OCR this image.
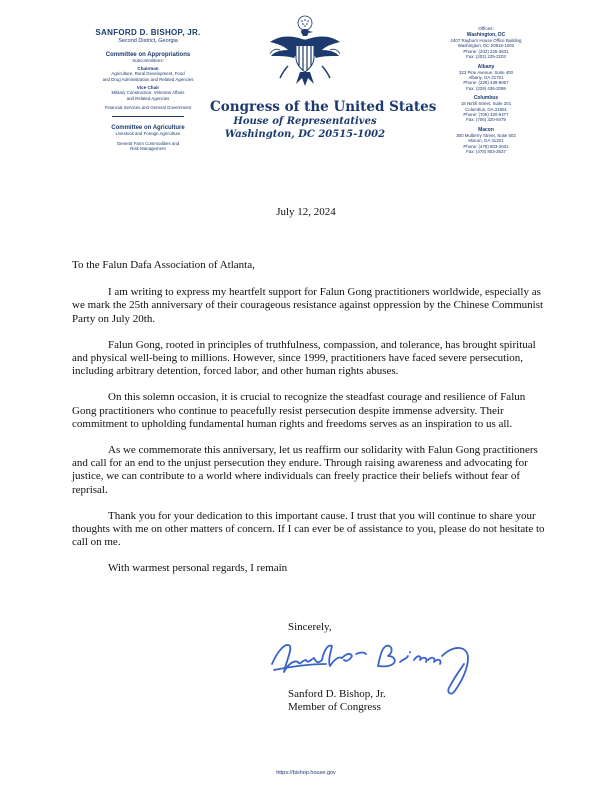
SANFORD D. BISHOP, JR.
Second District, Georgia
Committee on Appropriations
Subcommittees:
Chairman
Agriculture, Rural Development, Food
and Drug Administration and Related Agencies
Vice Chair
Military Construction, Veterans Affairs
and Related Agencies
Financial Services and General Government
Committee on Agriculture
Livestock and Foreign Agriculture
General Farm Commodities and
Risk Management
Congress of the United States
House of Representatives
Washington, DC 20515-1002
Offices:
Washington, DC
2407 Rayburn House Office Building
Washington, DC 20515-1002
Phone: (202) 225-3631
Fax: (202) 225-2203
Albany
323 Pine Avenue, Suite 400
Albany, GA 31701
Phone: (229) 439-8067
Fax: (229) 436-2099
Columbus
18 Ninth Street, Suite 201
Columbus, GA 31901
Phone: (706) 320-9477
Fax: (706) 320-9479
Macon
300 Mulberry Street, Suite 502
Macon, GA 31201
Phone: (478) 803-2631
Fax: (478) 803-2637
July 12, 2024

To the Falun Dafa Association of Atlanta,

I am writing to express my heartfelt support for Falun Gong practitioners worldwide, especially as we mark the 25th anniversary of their courageous resistance against oppression by the Chinese Communist Party on July 20th.

Falun Gong, rooted in principles of truthfulness, compassion, and tolerance, has brought spiritual and physical well-being to millions. However, since 1999, practitioners have faced severe persecution, including arbitrary detention, forced labor, and other human rights abuses.

On this solemn occasion, it is crucial to recognize the steadfast courage and resilience of Falun Gong practitioners who continue to peacefully resist persecution despite immense adversity. Their commitment to upholding fundamental human rights and freedoms serves as an inspiration to us all.

As we commemorate this anniversary, let us reaffirm our solidarity with Falun Gong practitioners and call for an end to the unjust persecution they endure. Through raising awareness and advocating for justice, we can contribute to a world where individuals can freely practice their beliefs without fear of reprisal.

Thank you for your dedication to this important cause. I trust that you will continue to share your thoughts with me on other matters of concern. If I can ever be of assistance to you, please do not hesitate to call on me.

With warmest personal regards, I remain

Sincerely,
Sanford D. Bishop, Jr.
Member of Congress
https://bishop.house.gov
